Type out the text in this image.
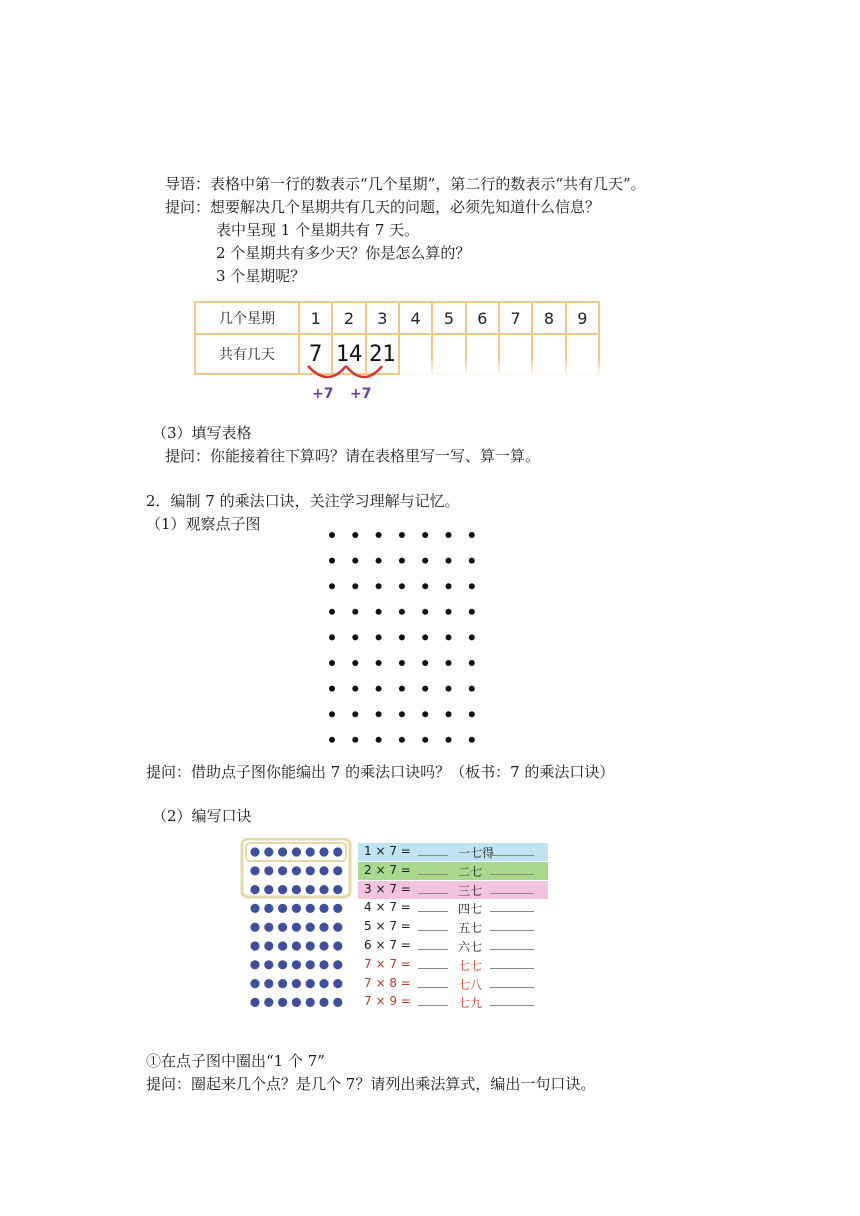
导语：表格中第一行的数表示“几个星期”，第二行的数表示“共有几天”。
提问：想要解决几个星期共有几天的问题，必须先知道什么信息？
表中呈现 1 个星期共有 7 天。
2 个星期共有多少天？你是怎么算的？
3 个星期呢？
几个星期	1	2	3	4	5	6	7	8	9
共有几天	7	14	21						
+7 +7
（3）填写表格
提问：你能接着往下算吗？请在表格里写一写、算一算。
2．编制 7 的乘法口诀，关注学习理解与记忆。
（1）观察点子图
提问：借助点子图你能编出 7 的乘法口诀吗？（板书：7 的乘法口诀）
（2）编写口诀
1 × 7 =	一七得
2 × 7 =	二七
3 × 7 =	三七
4 × 7 =	四七
5 × 7 =	五七
6 × 7 =	六七
7 × 7 =	七七
7 × 8 =	七八
7 × 9 =	七九
①在点子图中圈出“1 个 7”
提问：圈起来几个点？是几个 7？请列出乘法算式，编出一句口诀。
